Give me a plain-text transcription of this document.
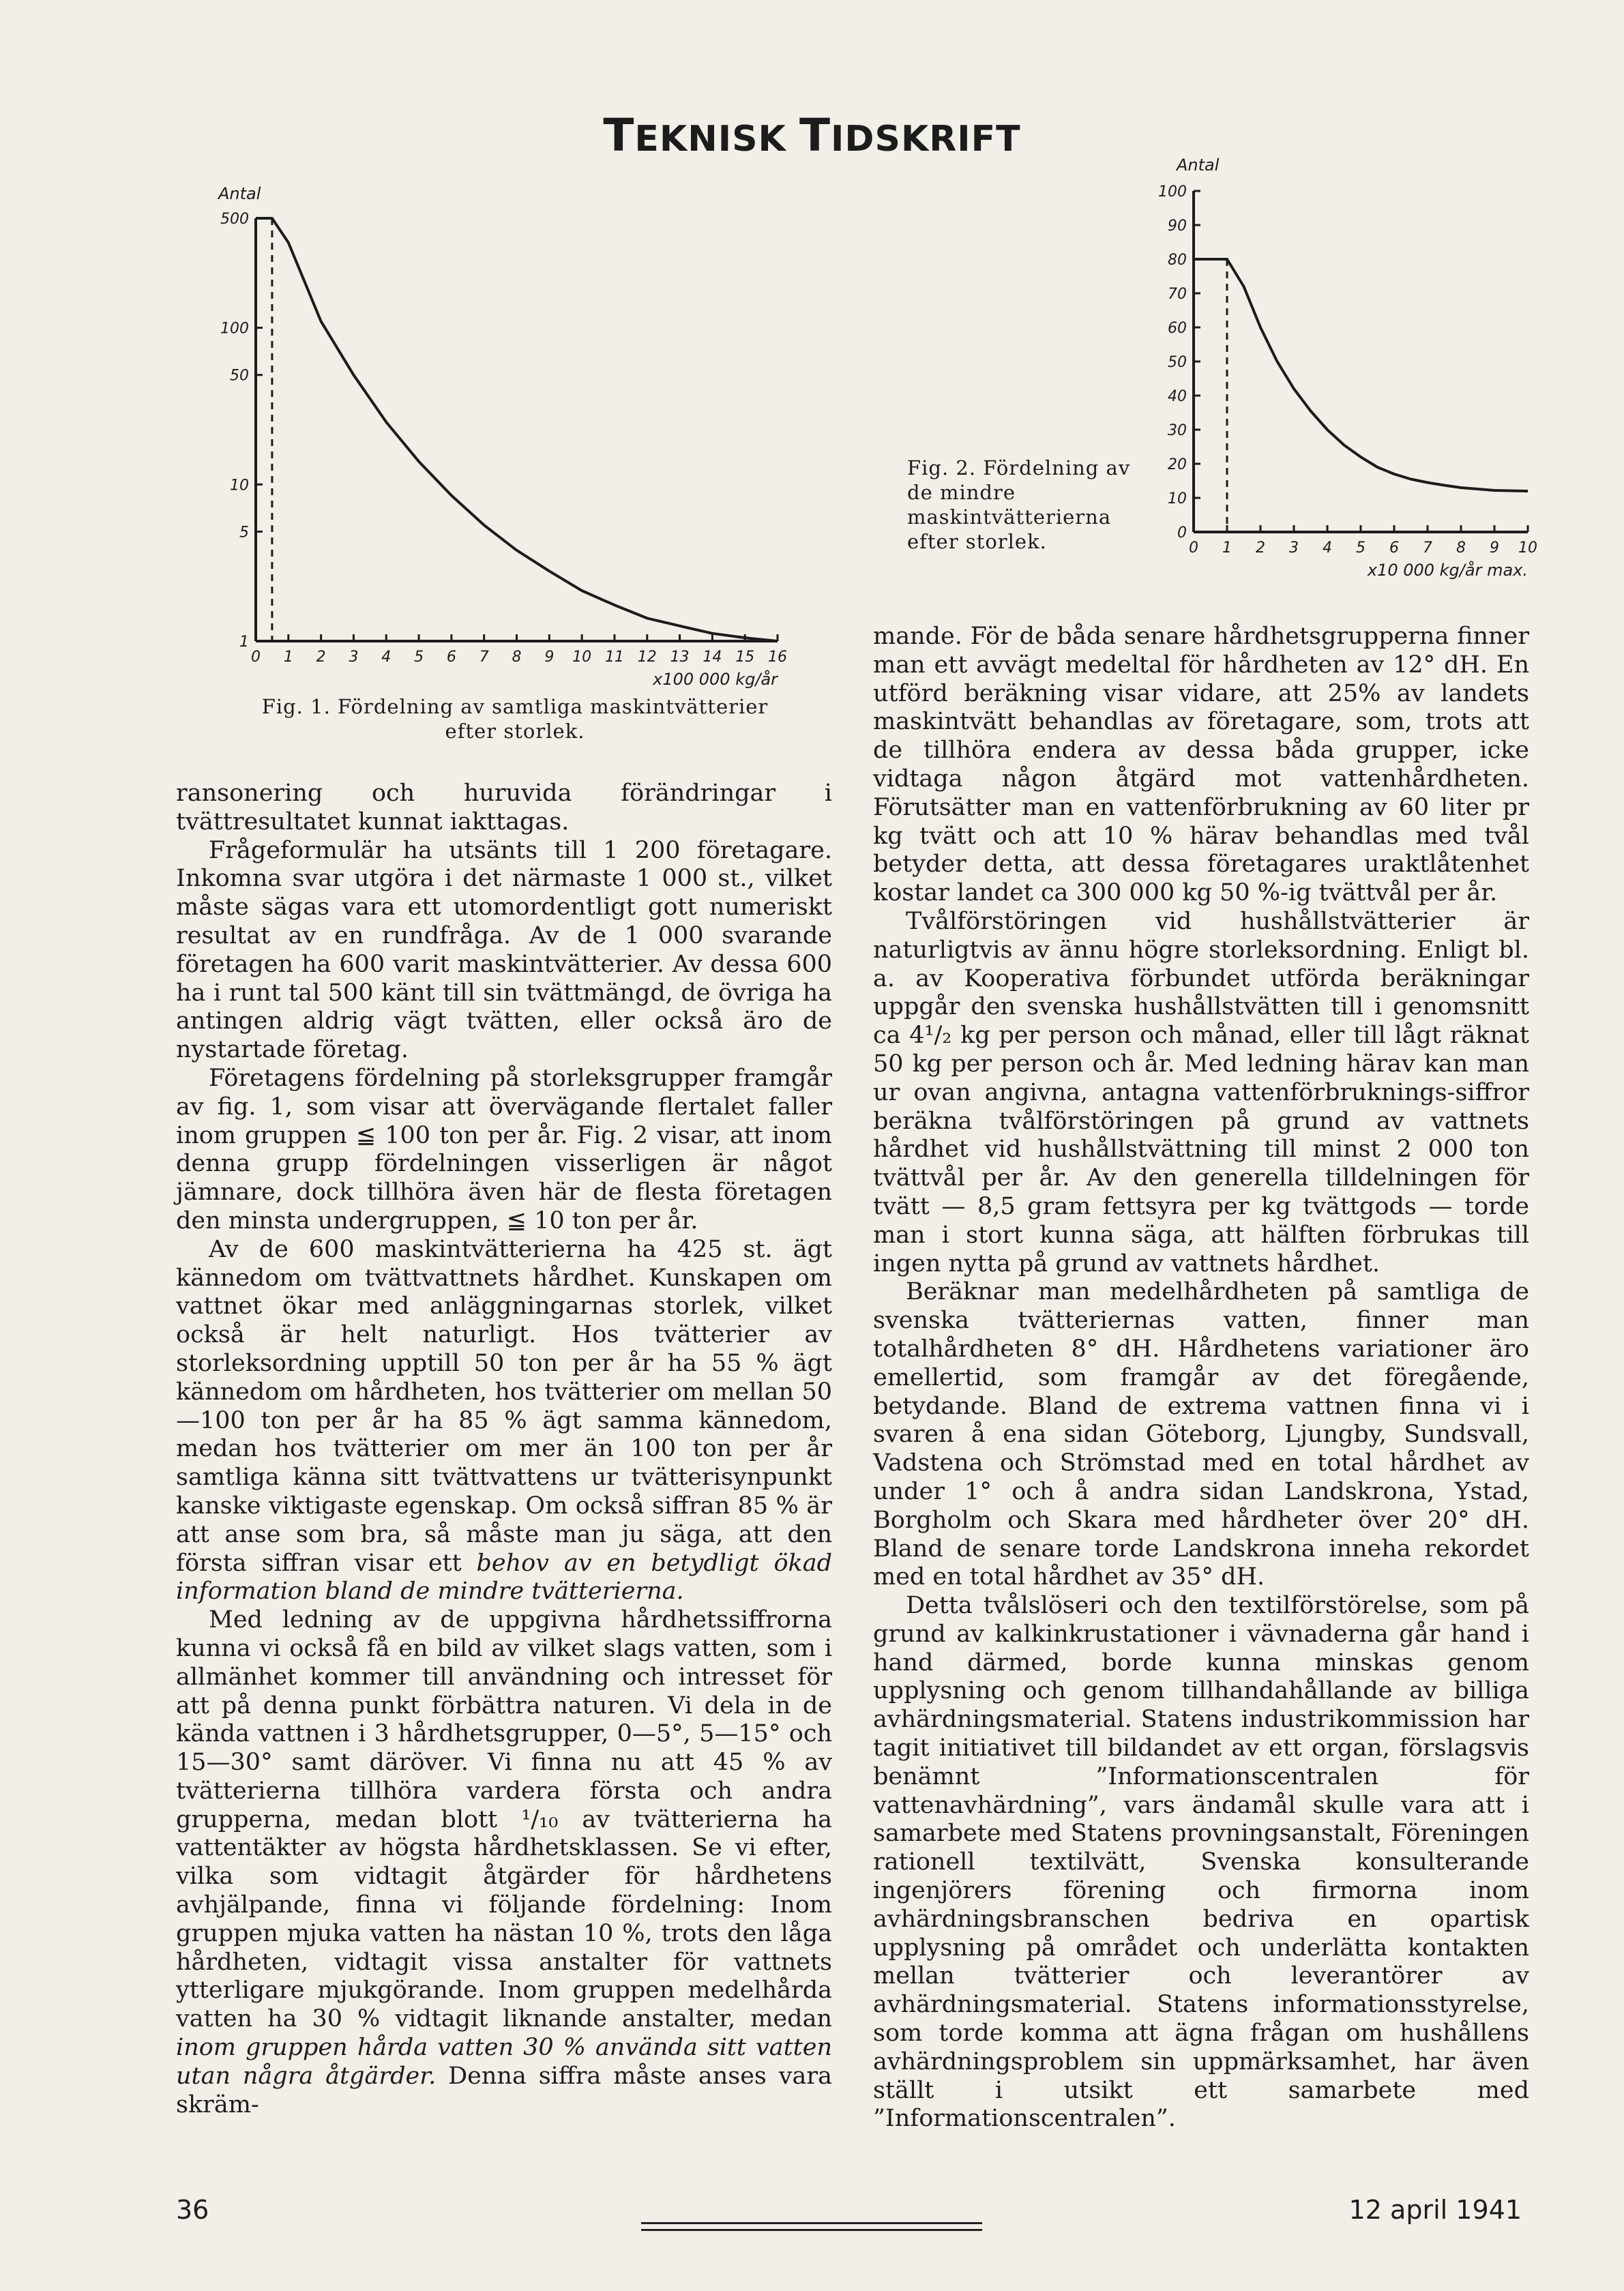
TEKNISK TIDSKRIFT
1
5
10
50
100
500
0 1 2 3 4 5 6 7 8 9 10 11 12 13 14 15 16
Antal
x100 000 kg/år
Fig. 1. Fördelning av samtliga maskintvätterier efter storlek.
0
10
20
30
40
50
60
70
80
90
100
0 1 2 3 4 5 6 7 8 9 10
Antal
x10 000 kg/år max.
Fig. 2. Fördelning av de mindre maskintvätterierna efter storlek.

ransonering och huruvida förändringar i tvättresultatet kunnat iakttagas.

Frågeformulär ha utsänts till 1 200 företagare. Inkomna svar utgöra i det närmaste 1 000 st., vilket måste sägas vara ett utomordentligt gott numeriskt resultat av en rundfråga. Av de 1 000 svarande företagen ha 600 varit maskintvätterier. Av dessa 600 ha i runt tal 500 känt till sin tvättmängd, de övriga ha antingen aldrig vägt tvätten, eller också äro de nystartade företag.

Företagens fördelning på storleksgrupper framgår av fig. 1, som visar att övervägande flertalet faller inom gruppen ≦ 100 ton per år. Fig. 2 visar, att inom denna grupp fördelningen visserligen är något jämnare, dock tillhöra även här de flesta företagen den minsta undergruppen, ≦ 10 ton per år.

Av de 600 maskintvätterierna ha 425 st. ägt kännedom om tvättvattnets hårdhet. Kunskapen om vattnet ökar med anläggningarnas storlek, vilket också är helt naturligt. Hos tvätterier av storleksordning upptill 50 ton per år ha 55 % ägt kännedom om hårdheten, hos tvätterier om mellan 50—100 ton per år ha 85 % ägt samma kännedom, medan hos tvätterier om mer än 100 ton per år samtliga känna sitt tvättvattens ur tvätterisynpunkt kanske viktigaste egenskap. Om också siffran 85 % är att anse som bra, så måste man ju säga, att den första siffran visar ett behov av en betydligt ökad information bland de mindre tvätterierna.

Med ledning av de uppgivna hårdhetssiffrorna kunna vi också få en bild av vilket slags vatten, som i allmänhet kommer till användning och intresset för att på denna punkt förbättra naturen. Vi dela in de kända vattnen i 3 hårdhetsgrupper, 0—5°, 5—15° och 15—30° samt däröver. Vi finna nu att 45 % av tvätterierna tillhöra vardera första och andra grupperna, medan blott ¹/₁₀ av tvätterierna ha vattentäkter av högsta hårdhetsklassen. Se vi efter, vilka som vidtagit åtgärder för hårdhetens avhjälpande, finna vi följande fördelning: Inom gruppen mjuka vatten ha nästan 10 %, trots den låga hårdheten, vidtagit vissa anstalter för vattnets ytterligare mjukgörande. Inom gruppen medelhårda vatten ha 30 % vidtagit liknande anstalter, medan inom gruppen hårda vatten 30 % använda sitt vatten utan några åtgärder. Denna siffra måste anses vara skräm-

mande. För de båda senare hårdhetsgrupperna finner man ett avvägt medeltal för hårdheten av 12° dH. En utförd beräkning visar vidare, att 25% av landets maskintvätt behandlas av företagare, som, trots att de tillhöra endera av dessa båda grupper, icke vidtaga någon åtgärd mot vattenhårdheten. Förutsätter man en vattenförbrukning av 60 liter pr kg tvätt och att 10 % härav behandlas med tvål betyder detta, att dessa företagares uraktlåtenhet kostar landet ca 300 000 kg 50 %-ig tvättvål per år.

Tvålförstöringen vid hushållstvätterier är naturligtvis av ännu högre storleksordning. Enligt bl. a. av Kooperativa förbundet utförda beräkningar uppgår den svenska hushållstvätten till i genomsnitt ca 4¹/₂ kg per person och månad, eller till lågt räknat 50 kg per person och år. Med ledning härav kan man ur ovan angivna, antagna vattenförbruknings-siffror beräkna tvålförstöringen på grund av vattnets hårdhet vid hushållstvättning till minst 2 000 ton tvättvål per år. Av den generella tilldelningen för tvätt — 8,5 gram fettsyra per kg tvättgods — torde man i stort kunna säga, att hälften förbrukas till ingen nytta på grund av vattnets hårdhet.

Beräknar man medelhårdheten på samtliga de svenska tvätteriernas vatten, finner man totalhårdheten 8° dH. Hårdhetens variationer äro emellertid, som framgår av det föregående, betydande. Bland de extrema vattnen finna vi i svaren å ena sidan Göteborg, Ljungby, Sundsvall, Vadstena och Strömstad med en total hårdhet av under 1° och å andra sidan Landskrona, Ystad, Borgholm och Skara med hårdheter över 20° dH. Bland de senare torde Landskrona inneha rekordet med en total hårdhet av 35° dH.

Detta tvålslöseri och den textilförstörelse, som på grund av kalkinkrustationer i vävnaderna går hand i hand därmed, borde kunna minskas genom upplysning och genom tillhandahållande av billiga avhärdningsmaterial. Statens industrikommission har tagit initiativet till bildandet av ett organ, förslagsvis benämnt ”Informationscentralen för vattenavhärdning”, vars ändamål skulle vara att i samarbete med Statens provningsanstalt, Föreningen rationell textilvätt, Svenska konsulterande ingenjörers förening och firmorna inom avhärdningsbranschen bedriva en opartisk upplysning på området och underlätta kontakten mellan tvätterier och leverantörer av avhärdningsmaterial. Statens informationsstyrelse, som torde komma att ägna frågan om hushållens avhärdningsproblem sin uppmärksamhet, har även ställt i utsikt ett samarbete med ”Informationscentralen”.

36	12 april 1941
